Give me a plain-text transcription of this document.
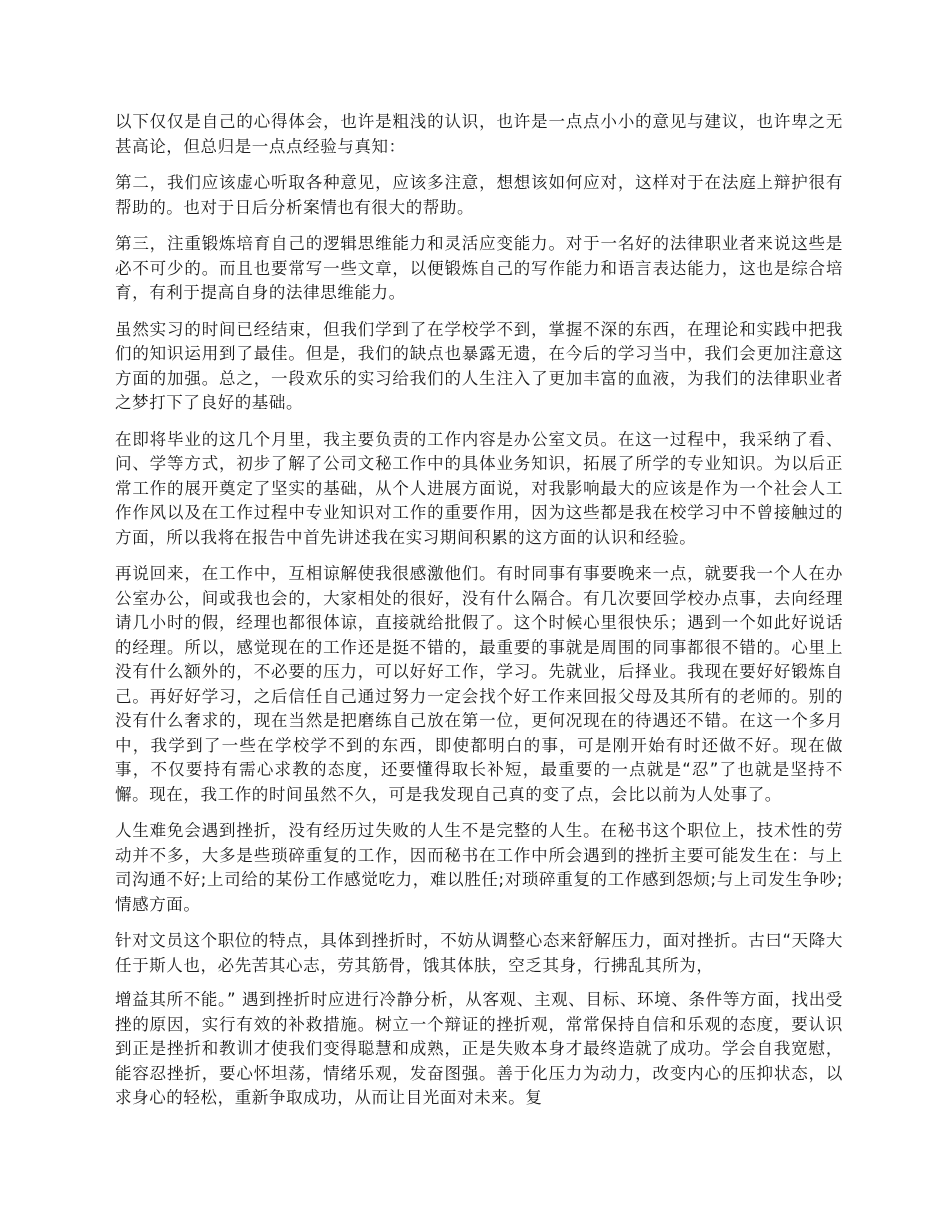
以下仅仅是自己的心得体会，也许是粗浅的认识，也许是一点点小小的意见与建议，也许卑之无甚高论，但总归是一点点经验与真知：

第二，我们应该虚心听取各种意见，应该多注意，想想该如何应对，这样对于在法庭上辩护很有帮助的。也对于日后分析案情也有很大的帮助。

第三，注重锻炼培育自己的逻辑思维能力和灵活应变能力。对于一名好的法律职业者来说这些是必不可少的。而且也要常写一些文章，以便锻炼自己的写作能力和语言表达能力，这也是综合培育，有利于提高自身的法律思维能力。

虽然实习的时间已经结束，但我们学到了在学校学不到，掌握不深的东西，在理论和实践中把我们的知识运用到了最佳。但是，我们的缺点也暴露无遗，在今后的学习当中，我们会更加注意这方面的加强。总之，一段欢乐的实习给我们的人生注入了更加丰富的血液，为我们的法律职业者之梦打下了良好的基础。

在即将毕业的这几个月里，我主要负责的工作内容是办公室文员。在这一过程中，我采纳了看、问、学等方式，初步了解了公司文秘工作中的具体业务知识，拓展了所学的专业知识。为以后正常工作的展开奠定了坚实的基础，从个人进展方面说，对我影响最大的应该是作为一个社会人工作作风以及在工作过程中专业知识对工作的重要作用，因为这些都是我在校学习中不曾接触过的方面，所以我将在报告中首先讲述我在实习期间积累的这方面的认识和经验。

再说回来，在工作中，互相谅解使我很感激他们。有时同事有事要晚来一点，就要我一个人在办公室办公，间或我也会的，大家相处的很好，没有什么隔合。有几次要回学校办点事，去向经理请几小时的假，经理也都很体谅，直接就给批假了。这个时候心里很快乐；遇到一个如此好说话的经理。所以，感觉现在的工作还是挺不错的，最重要的事就是周围的同事都很不错的。心里上没有什么额外的，不必要的压力，可以好好工作，学习。先就业，后择业。我现在要好好锻炼自己。再好好学习，之后信任自己通过努力一定会找个好工作来回报父母及其所有的老师的。别的没有什么奢求的，现在当然是把磨练自己放在第一位，更何况现在的待遇还不错。在这一个多月中，我学到了一些在学校学不到的东西，即使都明白的事，可是刚开始有时还做不好。现在做事，不仅要持有需心求教的态度，还要懂得取长补短，最重要的一点就是“忍”了也就是坚持不懈。现在，我工作的时间虽然不久，可是我发现自己真的变了点，会比以前为人处事了。

人生难免会遇到挫折，没有经历过失败的人生不是完整的人生。在秘书这个职位上，技术性的劳动并不多，大多是些琐碎重复的工作，因而秘书在工作中所会遇到的挫折主要可能发生在：与上司沟通不好;上司给的某份工作感觉吃力，难以胜任;对琐碎重复的工作感到怨烦;与上司发生争吵;情感方面。

针对文员这个职位的特点，具体到挫折时，不妨从调整心态来舒解压力，面对挫折。古曰“天降大任于斯人也，必先苦其心志，劳其筋骨，饿其体肤，空乏其身，行拂乱其所为，

增益其所不能。” 遇到挫折时应进行冷静分析，从客观、主观、目标、环境、条件等方面，找出受挫的原因，实行有效的补救措施。树立一个辩证的挫折观，常常保持自信和乐观的态度，要认识到正是挫折和教训才使我们变得聪慧和成熟，正是失败本身才最终造就了成功。学会自我宽慰，能容忍挫折，要心怀坦荡，情绪乐观，发奋图强。善于化压力为动力，改变内心的压抑状态，以求身心的轻松，重新争取成功，从而让目光面对未来。复
